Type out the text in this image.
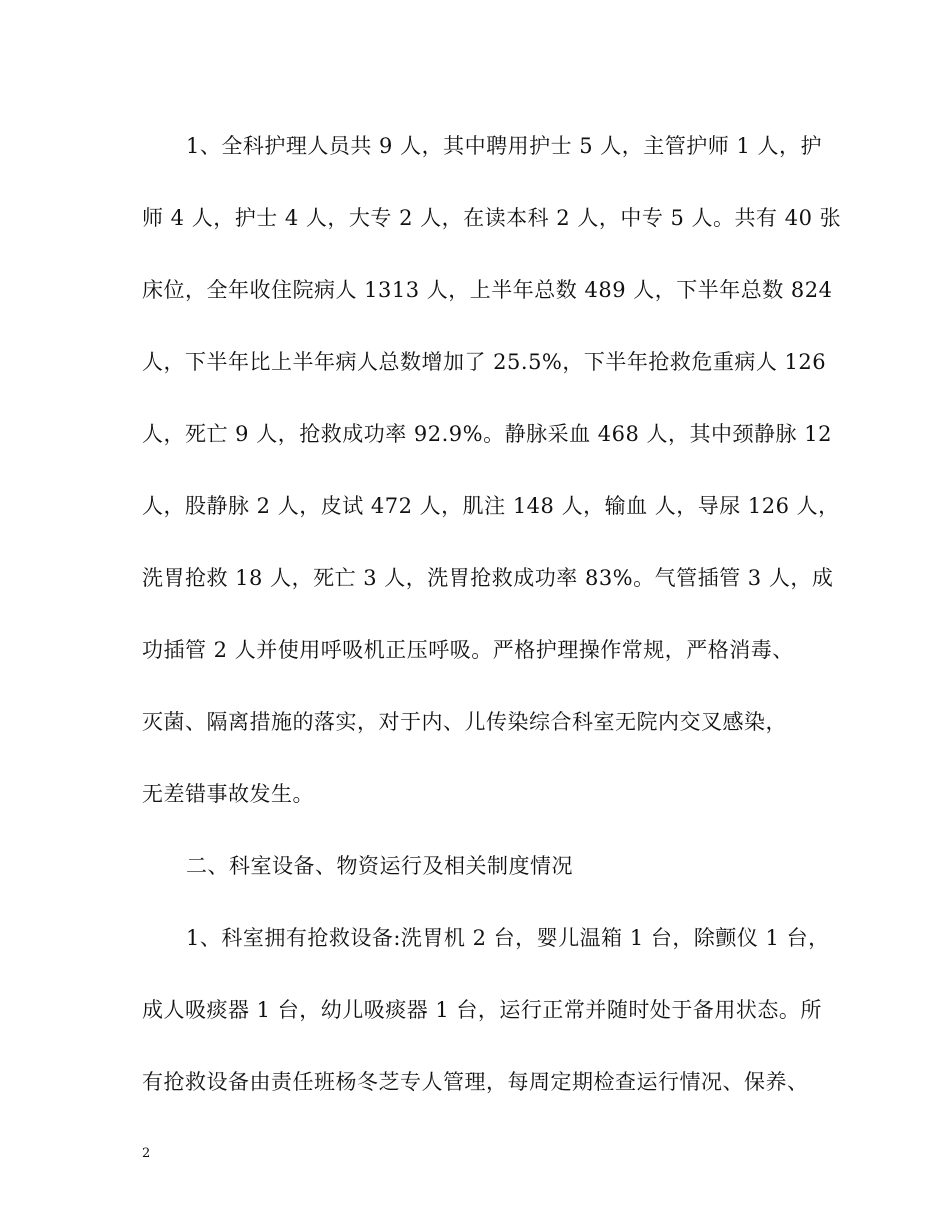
1、全科护理人员共 9 人，其中聘用护士 5 人，主管护师 1 人，护
师 4 人，护士 4 人，大专 2 人，在读本科 2 人，中专 5 人。共有 40 张
床位，全年收住院病人 1313 人，上半年总数 489 人，下半年总数 824
人，下半年比上半年病人总数增加了 25.5%，下半年抢救危重病人 126
人，死亡 9 人，抢救成功率 92.9%。静脉采血 468 人，其中颈静脉 12
人，股静脉 2 人，皮试 472 人，肌注 148 人，输血 人，导尿 126 人，
洗胃抢救 18 人，死亡 3 人，洗胃抢救成功率 83%。气管插管 3 人，成
功插管 2 人并使用呼吸机正压呼吸。严格护理操作常规，严格消毒、
灭菌、隔离措施的落实，对于内、儿传染综合科室无院内交叉感染，
无差错事故发生。
二、科室设备、物资运行及相关制度情况
1、科室拥有抢救设备:洗胃机 2 台，婴儿温箱 1 台，除颤仪 1 台，
成人吸痰器 1 台，幼儿吸痰器 1 台，运行正常并随时处于备用状态。所
有抢救设备由责任班杨冬芝专人管理，每周定期检查运行情况、保养、
2
